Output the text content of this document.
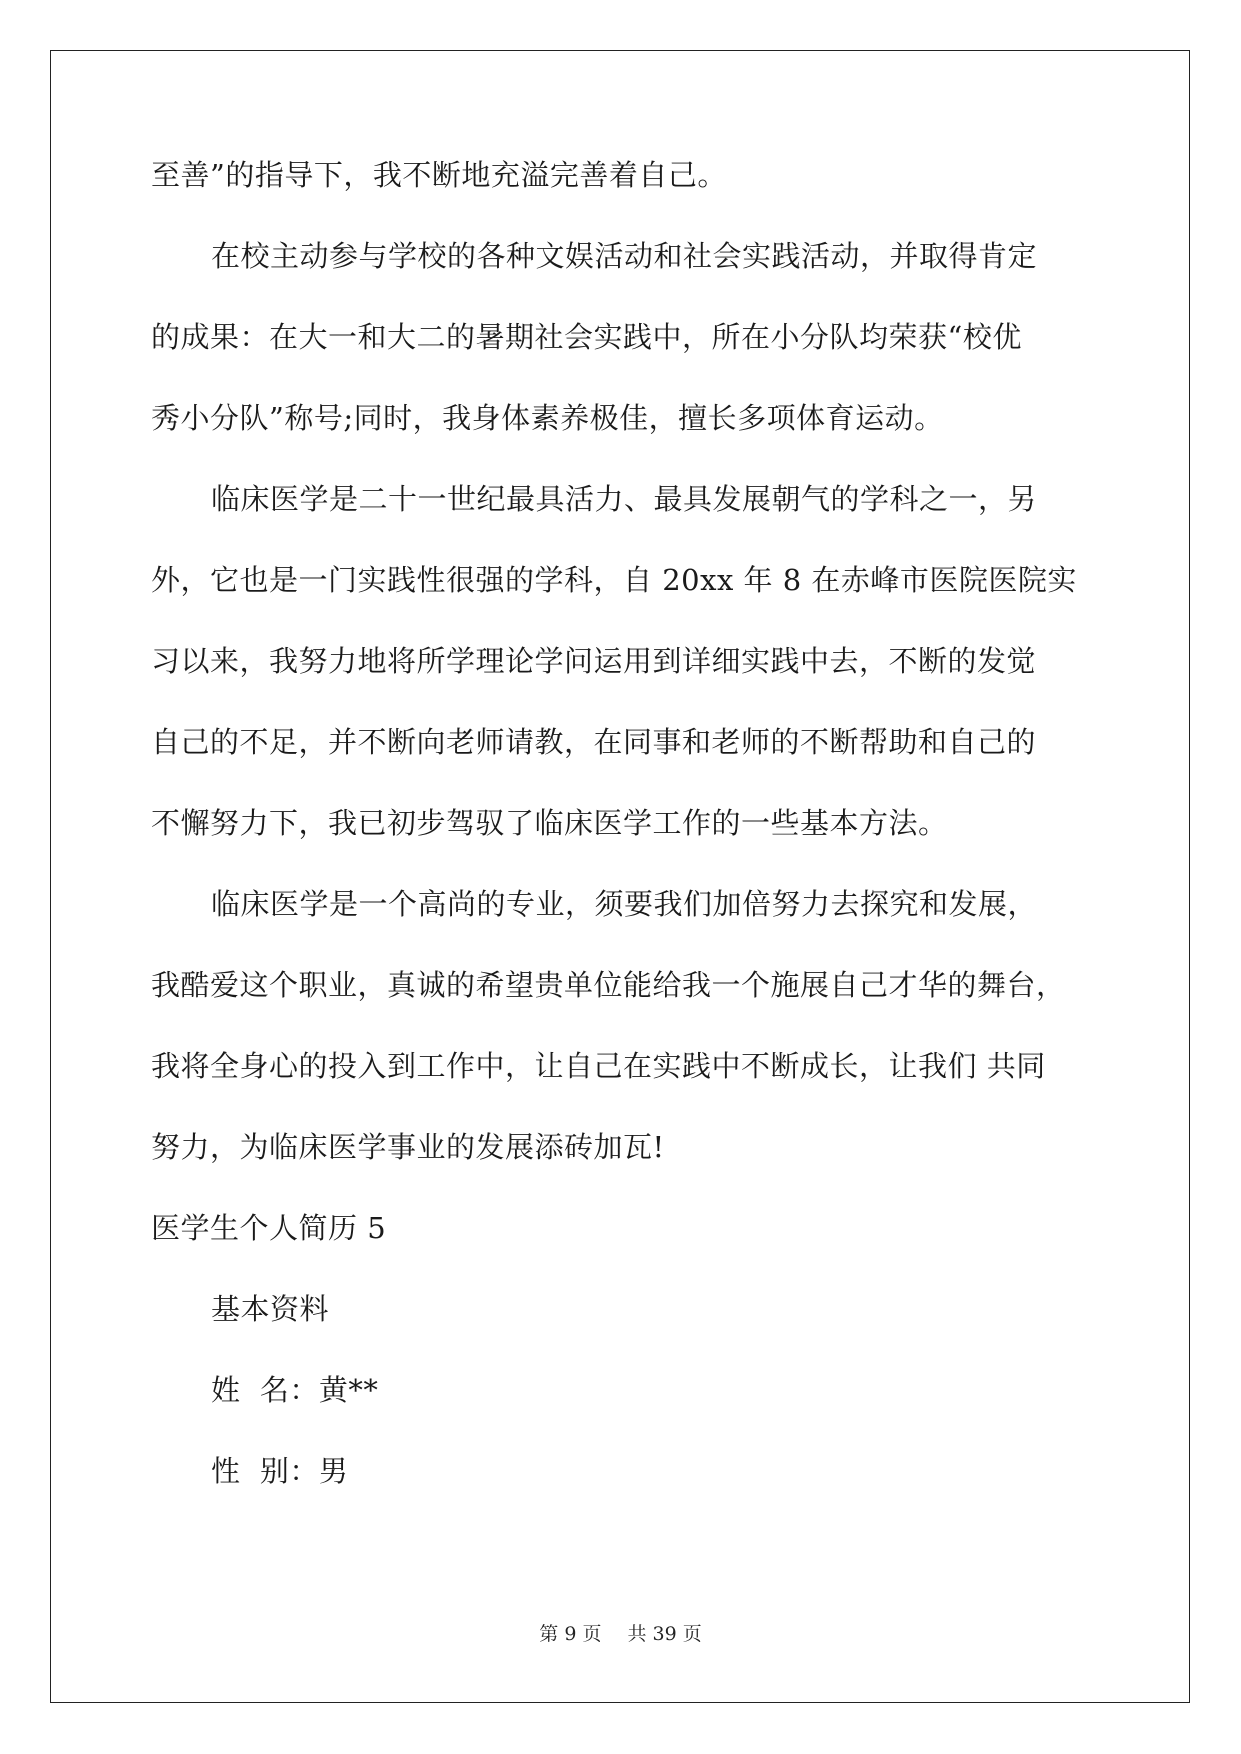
至善”的指导下，我不断地充溢完善着自己。
在校主动参与学校的各种文娱活动和社会实践活动，并取得肯定
的成果：在大一和大二的暑期社会实践中，所在小分队均荣获“校优
秀小分队”称号;同时，我身体素养极佳，擅长多项体育运动。
临床医学是二十一世纪最具活力、最具发展朝气的学科之一，另
外，它也是一门实践性很强的学科，自 20xx 年 8 在赤峰市医院医院实
习以来，我努力地将所学理论学问运用到详细实践中去，不断的发觉
自己的不足，并不断向老师请教，在同事和老师的不断帮助和自己的
不懈努力下，我已初步驾驭了临床医学工作的一些基本方法。
临床医学是一个高尚的专业，须要我们加倍努力去探究和发展，
我酷爱这个职业，真诚的希望贵单位能给我一个施展自己才华的舞台，
我将全身心的投入到工作中，让自己在实践中不断成长，让我们 共同
努力，为临床医学事业的发展添砖加瓦!
医学生个人简历 5
基本资料
姓  名：黄**
性  别：男
第 9 页 共 39 页
